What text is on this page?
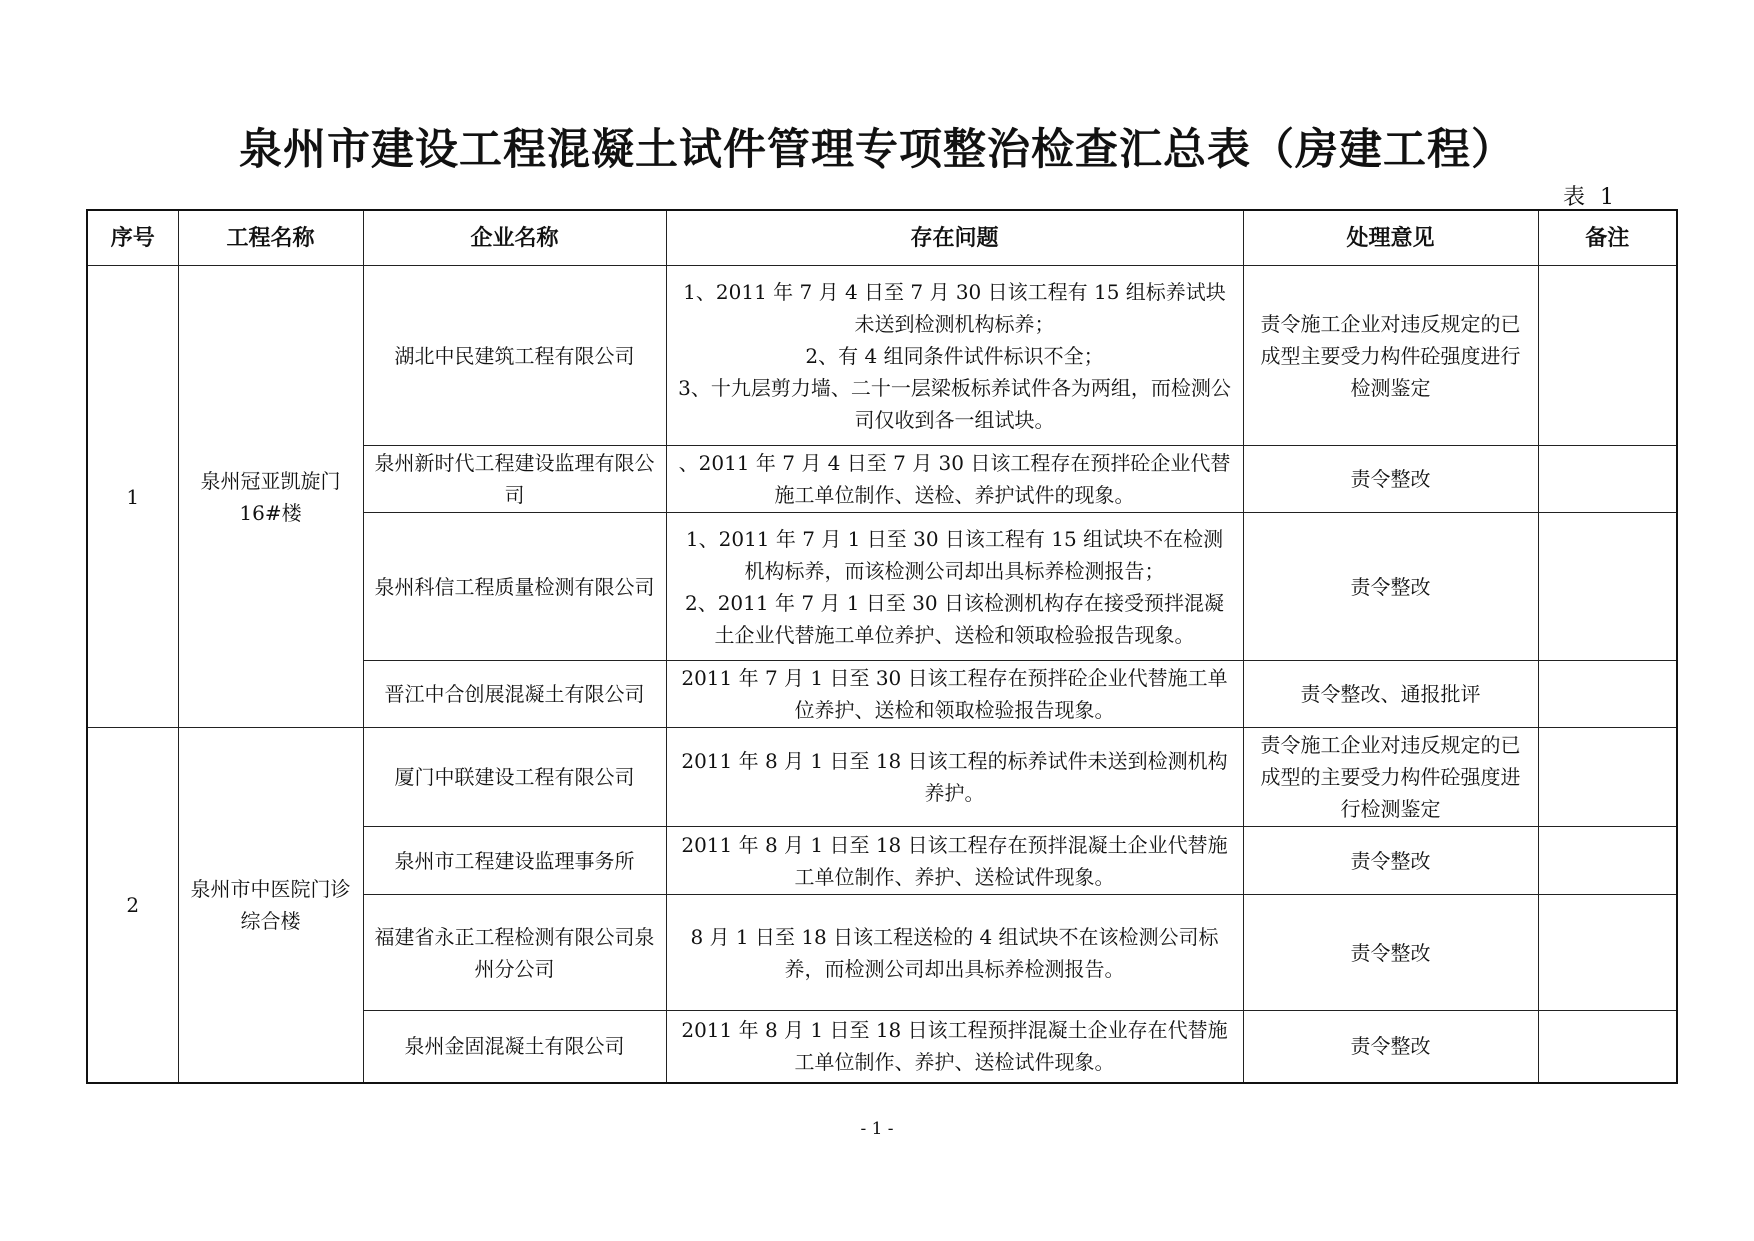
泉州市建设工程混凝土试件管理专项整治检查汇总表（房建工程）
表 1
序号	工程名称	企业名称	存在问题	处理意见	备注
1	泉州冠亚凯旋门16#楼	湖北中民建筑工程有限公司	1、2011 年 7 月 4 日至 7 月 30 日该工程有 15 组标养试块未送到检测机构标养；
2、有 4 组同条件试件标识不全；
3、十九层剪力墙、二十一层梁板标养试件各为两组，而检测公司仅收到各一组试块。	责令施工企业对违反规定的已成型主要受力构件砼强度进行检测鉴定	
		泉州新时代工程建设监理有限公司	、2011 年 7 月 4 日至 7 月 30 日该工程存在预拌砼企业代替施工单位制作、送检、养护试件的现象。	责令整改	
		泉州科信工程质量检测有限公司	1、2011 年 7 月 1 日至 30 日该工程有 15 组试块不在检测机构标养，而该检测公司却出具标养检测报告；
2、2011 年 7 月 1 日至 30 日该检测机构存在接受预拌混凝土企业代替施工单位养护、送检和领取检验报告现象。	责令整改	
		晋江中合创展混凝土有限公司	2011 年 7 月 1 日至 30 日该工程存在预拌砼企业代替施工单位养护、送检和领取检验报告现象。	责令整改、通报批评	
2	泉州市中医院门诊综合楼	厦门中联建设工程有限公司	2011 年 8 月 1 日至 18 日该工程的标养试件未送到检测机构养护。	责令施工企业对违反规定的已成型的主要受力构件砼强度进行检测鉴定	
		泉州市工程建设监理事务所	2011 年 8 月 1 日至 18 日该工程存在预拌混凝土企业代替施工单位制作、养护、送检试件现象。	责令整改	
		福建省永正工程检测有限公司泉州分公司	8 月 1 日至 18 日该工程送检的 4 组试块不在该检测公司标养，而检测公司却出具标养检测报告。	责令整改	
		泉州金固混凝土有限公司	2011 年 8 月 1 日至 18 日该工程预拌混凝土企业存在代替施工单位制作、养护、送检试件现象。	责令整改	
- 1 -
